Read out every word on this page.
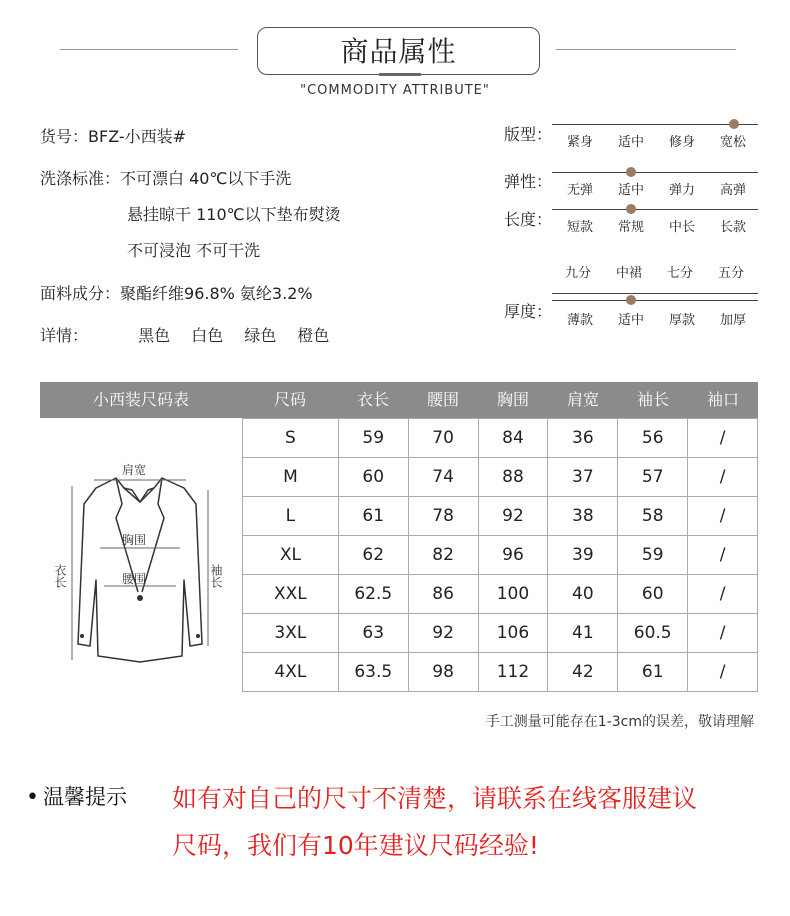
商品属性
"COMMODITY ATTRIBUTE"
货号：BFZ-小西装#
洗涤标准：不可漂白 40℃以下手洗
悬挂晾干 110℃以下垫布熨烫
不可浸泡 不可干洗
面料成分：聚酯纤维96.8% 氨纶3.2%
详情：	黑色 白色 绿色 橙色
版型：	紧身	适中	修身	宽松
弹性：	无弹	适中	弹力	高弹
长度：	短款	常规	中长	长款
九分	中裙	七分	五分
厚度：	薄款	适中	厚款	加厚
小西装尺码表	尺码	衣长	腰围	胸围	肩宽	袖长	袖口
肩宽
胸围
腰围
衣长	袖长
S	59	70	84	36	56	/
M	60	74	88	37	57	/
L	61	78	92	38	58	/
XL	62	82	96	39	59	/
XXL	62.5	86	100	40	60	/
3XL	63	92	106	41	60.5	/
4XL	63.5	98	112	42	61	/
手工测量可能存在1-3cm的误差，敬请理解
• 温馨提示 如有对自己的尺寸不清楚，请联系在线客服建议
尺码，我们有10年建议尺码经验!
